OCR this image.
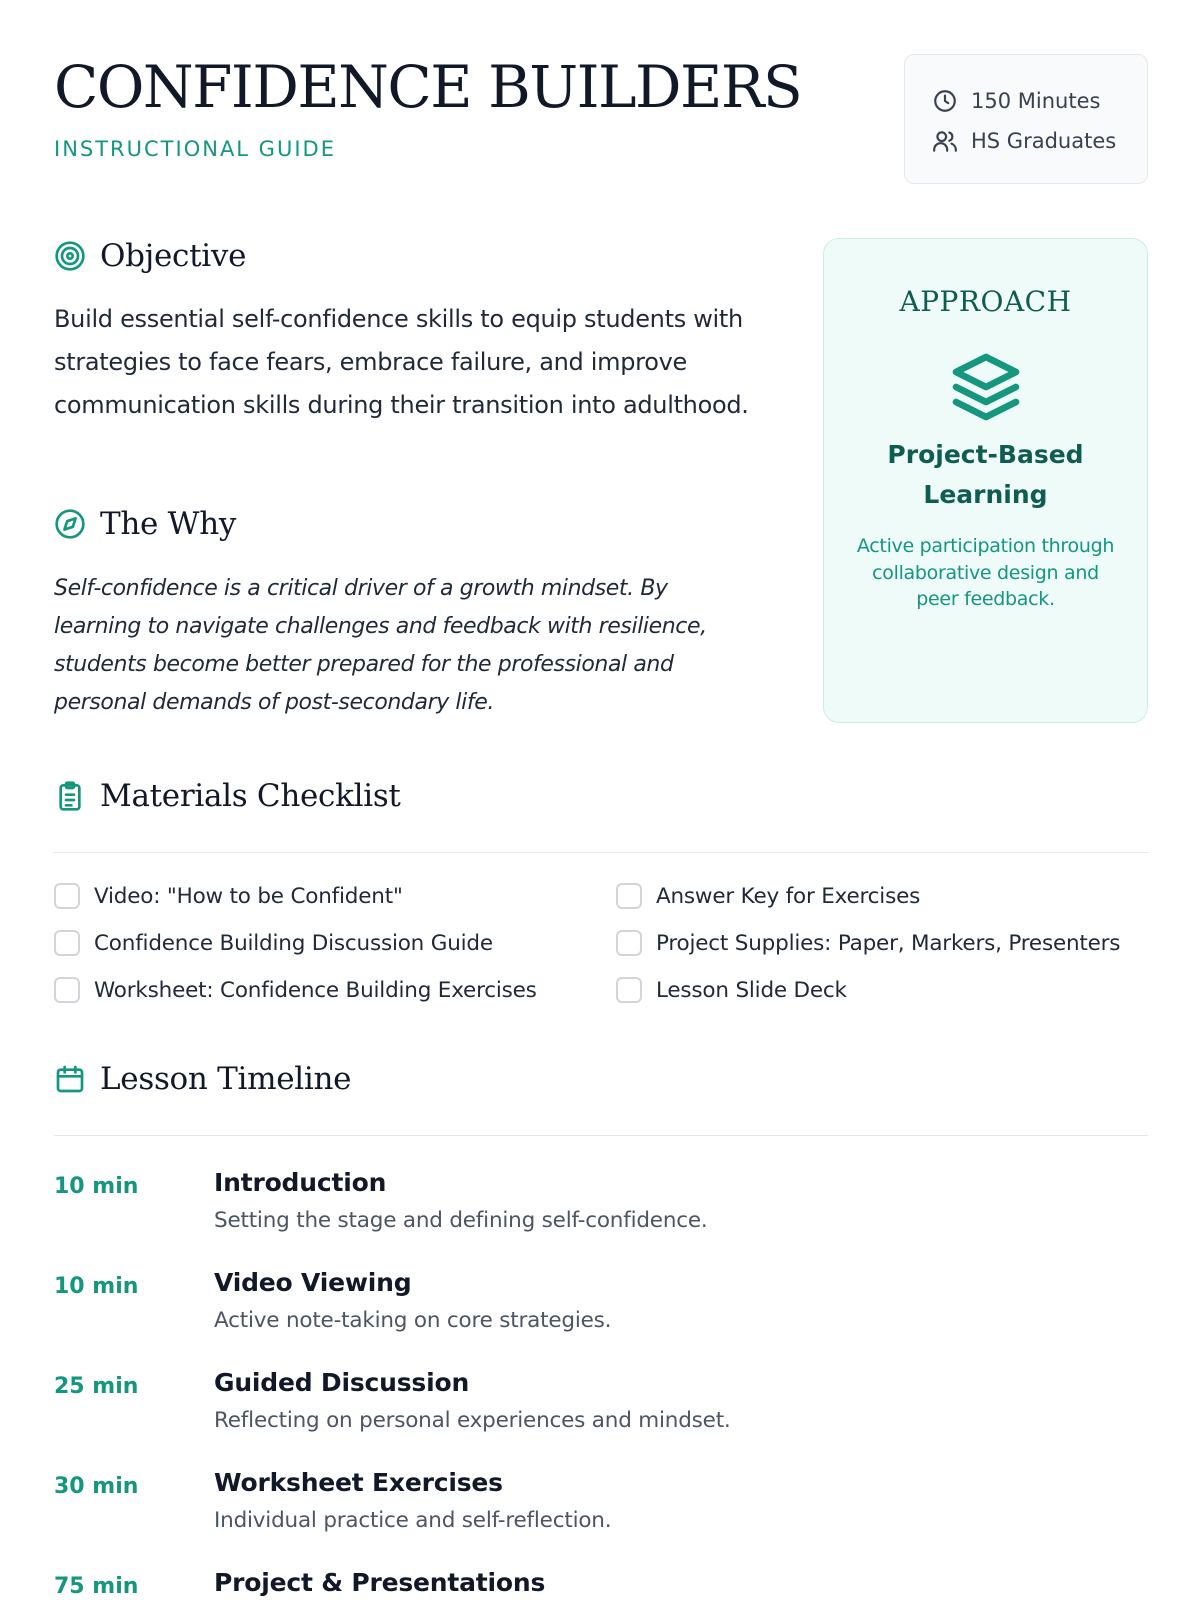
CONFIDENCE BUILDERS
INSTRUCTIONAL GUIDE
150 Minutes
HS Graduates
Objective

Build essential self-confidence skills to equip students with strategies to face fears, embrace failure, and improve communication skills during their transition into adulthood.

The Why

Self-confidence is a critical driver of a growth mindset. By learning to navigate challenges and feedback with resilience, students become better prepared for the professional and personal demands of post-secondary life.

APPROACH
Project-Based Learning
Active participation through collaborative design and peer feedback.
Materials Checklist
Video: "How to be Confident"
Confidence Building Discussion Guide
Worksheet: Confidence Building Exercises
Answer Key for Exercises
Project Supplies: Paper, Markers, Presenters
Lesson Slide Deck
Lesson Timeline
10 min	Introduction
Setting the stage and defining self-confidence.
10 min	Video Viewing
Active note-taking on core strategies.
25 min	Guided Discussion
Reflecting on personal experiences and mindset.
30 min	Worksheet Exercises
Individual practice and self-reflection.
75 min	Project & Presentations
